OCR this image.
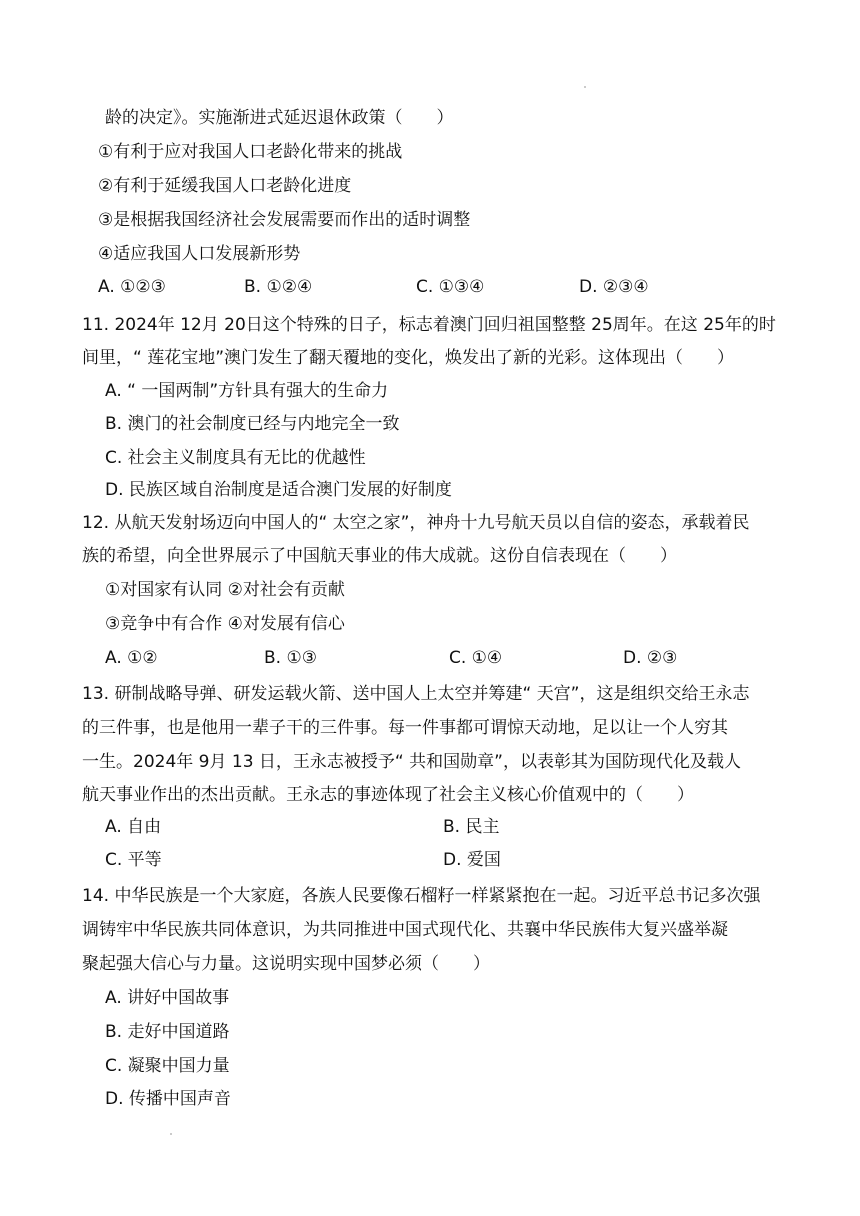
龄的决定》。实施渐进式延迟退休政策（　　）
①有利于应对我国人口老龄化带来的挑战
②有利于延缓我国人口老龄化进度
③是根据我国经济社会发展需要而作出的适时调整
④适应我国人口发展新形势
A. ①②③	B. ①②④	C. ①③④	D. ②③④
11. 2024年 12月 20日这个特殊的日子，标志着澳门回归祖国整整 25周年。在这 25年的时
间里，“ 莲花宝地”澳门发生了翻天覆地的变化，焕发出了新的光彩。这体现出（　　）
A. “ 一国两制”方针具有强大的生命力
B. 澳门的社会制度已经与内地完全一致
C. 社会主义制度具有无比的优越性
D. 民族区域自治制度是适合澳门发展的好制度
12. 从航天发射场迈向中国人的“ 太空之家”，神舟十九号航天员以自信的姿态，承载着民
族的希望，向全世界展示了中国航天事业的伟大成就。这份自信表现在（　　）
①对国家有认同 ②对社会有贡献
③竞争中有合作 ④对发展有信心
A. ①②	B. ①③	C. ①④	D. ②③
13. 研制战略导弹、研发运载火箭、送中国人上太空并筹建“ 天宫”，这是组织交给王永志
的三件事，也是他用一辈子干的三件事。每一件事都可谓惊天动地，足以让一个人穷其
一生。2024年 9月 13 日，王永志被授予“ 共和国勋章”，以表彰其为国防现代化及载人
航天事业作出的杰出贡献。王永志的事迹体现了社会主义核心价值观中的（　　）
A. 自由	B. 民主
C. 平等	D. 爱国
14. 中华民族是一个大家庭，各族人民要像石榴籽一样紧紧抱在一起。习近平总书记多次强
调铸牢中华民族共同体意识，为共同推进中国式现代化、共襄中华民族伟大复兴盛举凝
聚起强大信心与力量。这说明实现中国梦必须（　　）
A. 讲好中国故事
B. 走好中国道路
C. 凝聚中国力量
D. 传播中国声音
